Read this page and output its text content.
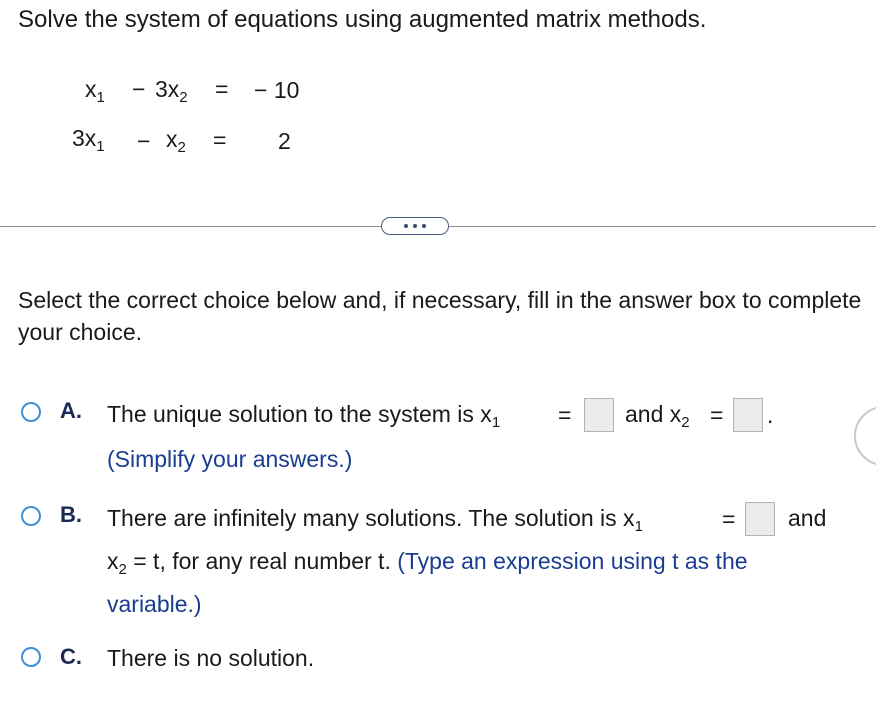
Solve the system of equations using augmented matrix methods.
$x_1 - 3x_2$ = − 10
$3x_1 - x_2 = 2$
Select the correct choice below and, if necessary, fill in the answer box to complete your choice.
A. The unique solution to the system is $x_1$	= and $x_2$ = .
(Simplify your answers.)
B. There are infinitely many solutions. The solution is $x_1$	= and
$x_2 = t$, for any real number t. (Type an expression using t as the
variable.)
C. There is no solution.
